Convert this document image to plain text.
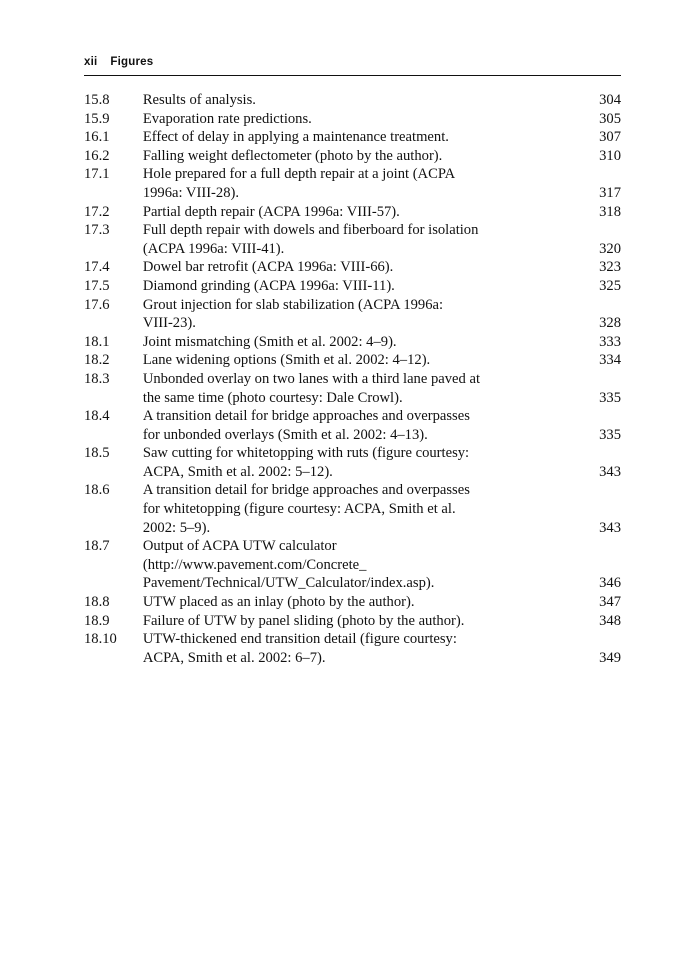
xii Figures
15.8	Results of analysis.	304
15.9	Evaporation rate predictions.	305
16.1	Effect of delay in applying a maintenance treatment.	307
16.2	Falling weight deflectometer (photo by the author).	310
17.1	Hole prepared for a full depth repair at a joint (ACPA
1996a: VIII-28).	317
17.2	Partial depth repair (ACPA 1996a: VIII-57).	318
17.3	Full depth repair with dowels and fiberboard for isolation
(ACPA 1996a: VIII-41).	320
17.4	Dowel bar retrofit (ACPA 1996a: VIII-66).	323
17.5	Diamond grinding (ACPA 1996a: VIII-11).	325
17.6	Grout injection for slab stabilization (ACPA 1996a:
VIII-23).	328
18.1	Joint mismatching (Smith et al. 2002: 4–9).	333
18.2	Lane widening options (Smith et al. 2002: 4–12).	334
18.3	Unbonded overlay on two lanes with a third lane paved at
the same time (photo courtesy: Dale Crowl).	335
18.4	A transition detail for bridge approaches and overpasses
for unbonded overlays (Smith et al. 2002: 4–13).	335
18.5	Saw cutting for whitetopping with ruts (figure courtesy:
ACPA, Smith et al. 2002: 5–12).	343
18.6	A transition detail for bridge approaches and overpasses
for whitetopping (figure courtesy: ACPA, Smith et al.
2002: 5–9).	343
18.7	Output of ACPA UTW calculator
(http://www.pavement.com/Concrete_
Pavement/Technical/UTW_Calculator/index.asp).	346
18.8	UTW placed as an inlay (photo by the author).	347
18.9	Failure of UTW by panel sliding (photo by the author).	348
18.10	UTW-thickened end transition detail (figure courtesy:
ACPA, Smith et al. 2002: 6–7).	349
